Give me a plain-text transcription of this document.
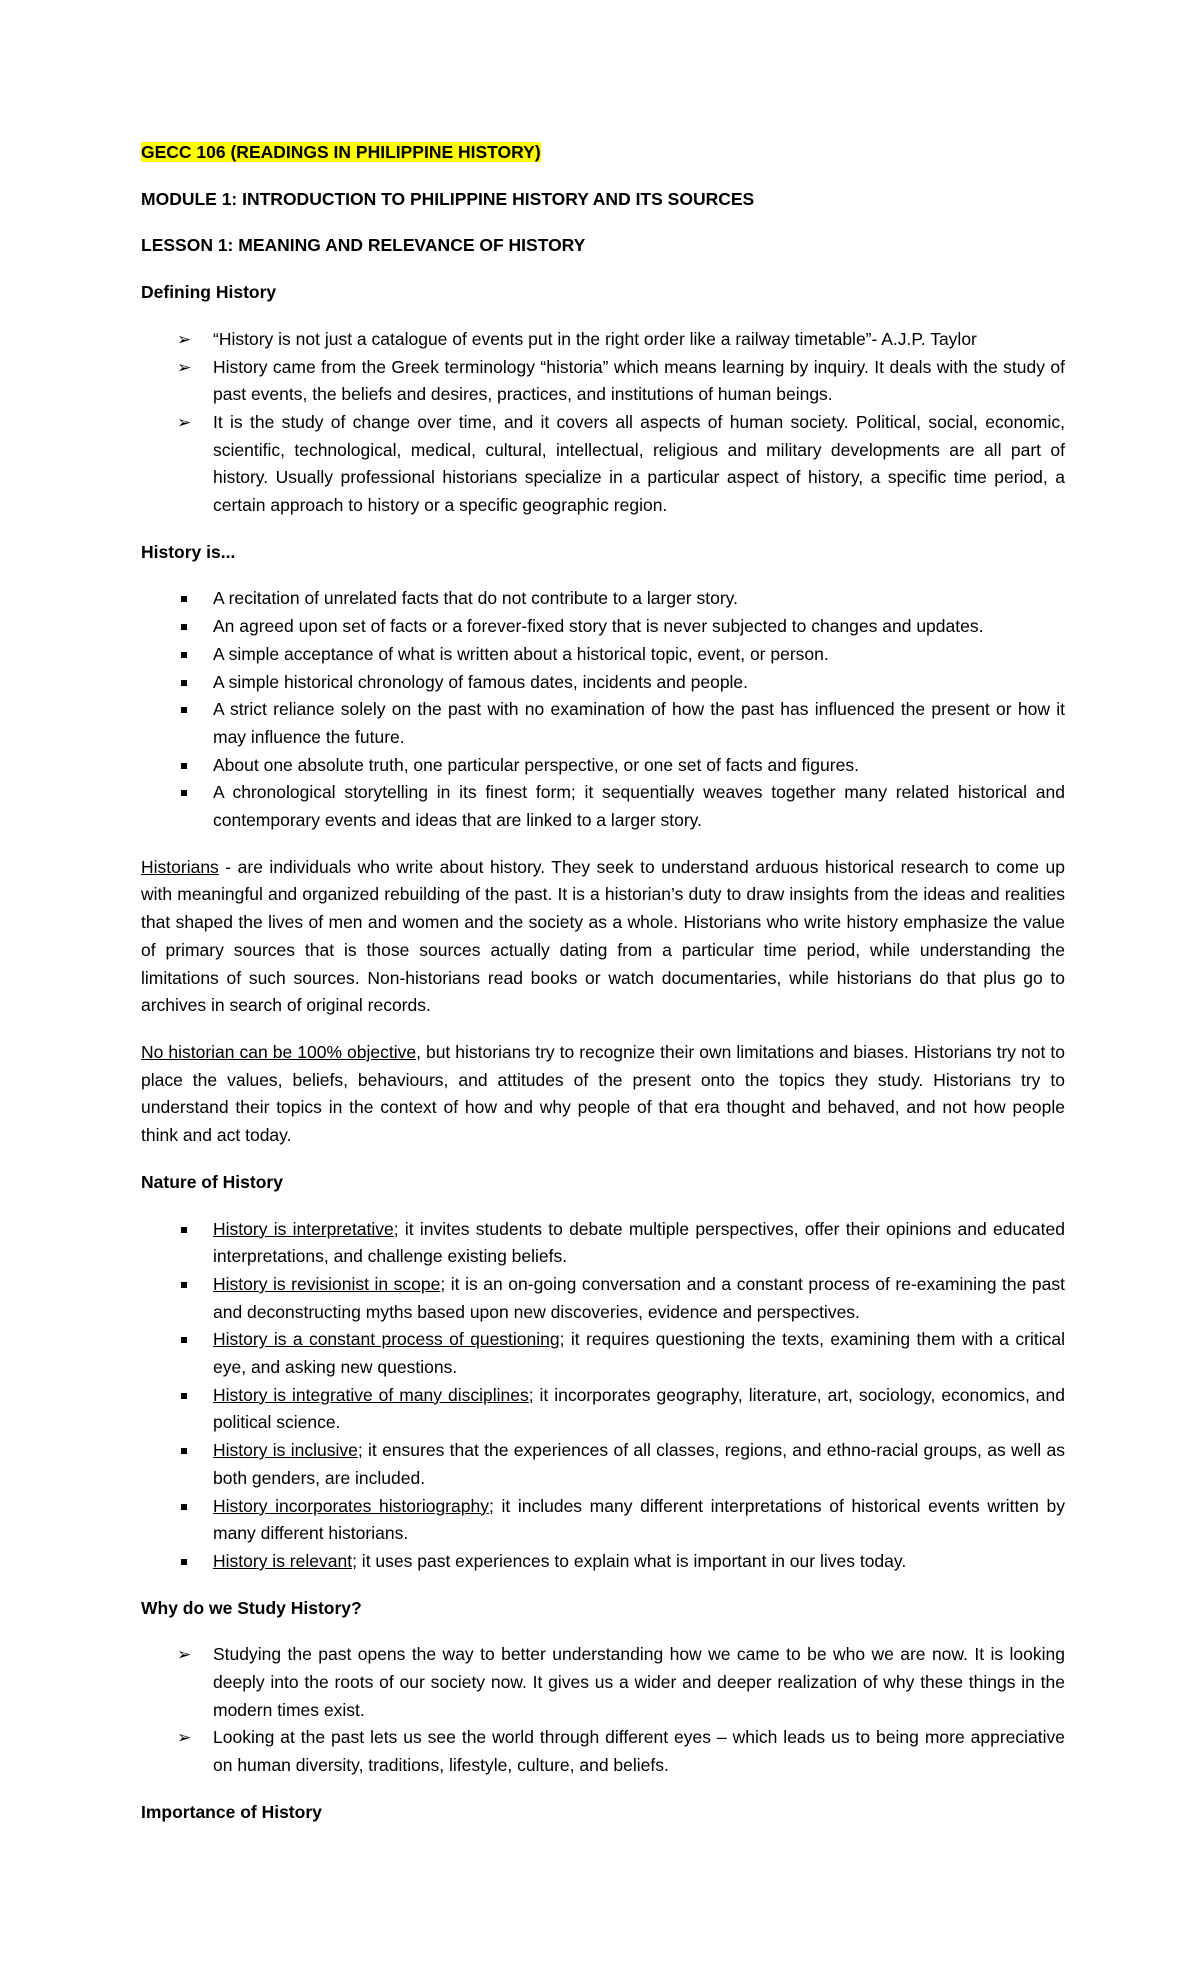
GECC 106 (READINGS IN PHILIPPINE HISTORY)

MODULE 1: INTRODUCTION TO PHILIPPINE HISTORY AND ITS SOURCES

LESSON 1: MEANING AND RELEVANCE OF HISTORY

Defining History

➢ “History is not just a catalogue of events put in the right order like a railway timetable”- A.J.P. Taylor
➢ History came from the Greek terminology “historia” which means learning by inquiry. It deals with the study of past events, the beliefs and desires, practices, and institutions of human beings.
➢ It is the study of change over time, and it covers all aspects of human society. Political, social, economic, scientific, technological, medical, cultural, intellectual, religious and military developments are all part of history. Usually professional historians specialize in a particular aspect of history, a specific time period, a certain approach to history or a specific geographic region.

History is...

A recitation of unrelated facts that do not contribute to a larger story.
An agreed upon set of facts or a forever-fixed story that is never subjected to changes and updates.
A simple acceptance of what is written about a historical topic, event, or person.
A simple historical chronology of famous dates, incidents and people.
A strict reliance solely on the past with no examination of how the past has influenced the present or how it may influence the future.
About one absolute truth, one particular perspective, or one set of facts and figures.
A chronological storytelling in its finest form; it sequentially weaves together many related historical and contemporary events and ideas that are linked to a larger story.

Historians - are individuals who write about history. They seek to understand arduous historical research to come up with meaningful and organized rebuilding of the past. It is a historian’s duty to draw insights from the ideas and realities that shaped the lives of men and women and the society as a whole. Historians who write history emphasize the value of primary sources that is those sources actually dating from a particular time period, while understanding the limitations of such sources. Non-historians read books or watch documentaries, while historians do that plus go to archives in search of original records.

No historian can be 100% objective, but historians try to recognize their own limitations and biases. Historians try not to place the values, beliefs, behaviours, and attitudes of the present onto the topics they study. Historians try to understand their topics in the context of how and why people of that era thought and behaved, and not how people think and act today.

Nature of History

History is interpretative; it invites students to debate multiple perspectives, offer their opinions and educated interpretations, and challenge existing beliefs.
History is revisionist in scope; it is an on-going conversation and a constant process of re-examining the past and deconstructing myths based upon new discoveries, evidence and perspectives.
History is a constant process of questioning; it requires questioning the texts, examining them with a critical eye, and asking new questions.
History is integrative of many disciplines; it incorporates geography, literature, art, sociology, economics, and political science.
History is inclusive; it ensures that the experiences of all classes, regions, and ethno-racial groups, as well as both genders, are included.
History incorporates historiography; it includes many different interpretations of historical events written by many different historians.
History is relevant; it uses past experiences to explain what is important in our lives today.

Why do we Study History?

➢ Studying the past opens the way to better understanding how we came to be who we are now. It is looking deeply into the roots of our society now. It gives us a wider and deeper realization of why these things in the modern times exist.
➢ Looking at the past lets us see the world through different eyes – which leads us to being more appreciative on human diversity, traditions, lifestyle, culture, and beliefs.

Importance of History
